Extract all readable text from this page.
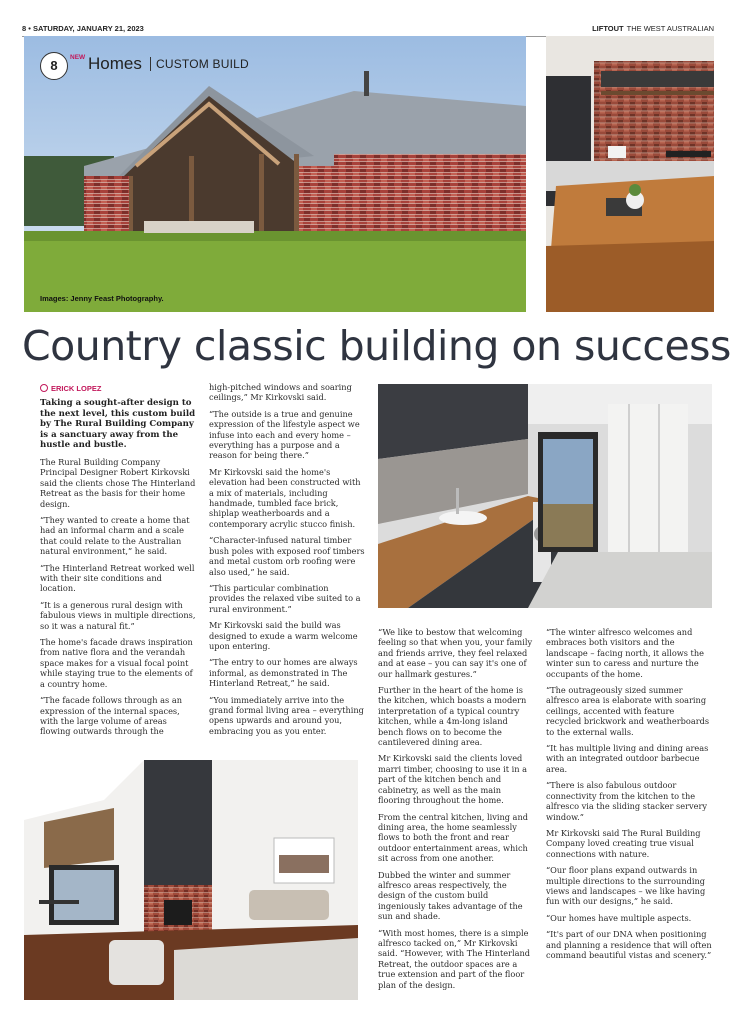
8 • SATURDAY, JANUARY 21, 2023	LIFTOUT THE WEST AUSTRALIAN
8
NEW Homes CUSTOM BUILD
Images: Jenny Feast Photography.
Country classic building on success
ERICK LOPEZ

Taking a sought-after design to the next level, this custom build by The Rural Building Company is a sanctuary away from the hustle and bustle.

The Rural Building Company Principal Designer Robert Kirkovski said the clients chose The Hinterland Retreat as the basis for their home design.

“They wanted to create a home that had an informal charm and a scale that could relate to the Australian natural environment,” he said.

“The Hinterland Retreat worked well with their site conditions and location.

“It is a generous rural design with fabulous views in multiple directions, so it was a natural fit.”

The home's facade draws inspiration from native flora and the verandah space makes for a visual focal point while staying true to the elements of a country home.

“The facade follows through as an expression of the internal spaces, with the large volume of areas flowing outwards through the

high-pitched windows and soaring ceilings,” Mr Kirkovski said.

“The outside is a true and genuine expression of the lifestyle aspect we infuse into each and every home – everything has a purpose and a reason for being there.”

Mr Kirkovski said the home's elevation had been constructed with a mix of materials, including handmade, tumbled face brick, shiplap weatherboards and a contemporary acrylic stucco finish.

“Character-infused natural timber bush poles with exposed roof timbers and metal custom orb roofing were also used,” he said.

“This particular combination provides the relaxed vibe suited to a rural environment.”

Mr Kirkovski said the build was designed to exude a warm welcome upon entering.

“The entry to our homes are always informal, as demonstrated in The Hinterland Retreat,” he said.

“You immediately arrive into the grand formal living area – everything opens upwards and around you, embracing you as you enter.

“We like to bestow that welcoming feeling so that when you, your family and friends arrive, they feel relaxed and at ease – you can say it's one of our hallmark gestures.”

Further in the heart of the home is the kitchen, which boasts a modern interpretation of a typical country kitchen, while a 4m-long island bench flows on to become the cantilevered dining area.

Mr Kirkovski said the clients loved marri timber, choosing to use it in a part of the kitchen bench and cabinetry, as well as the main flooring throughout the home.

From the central kitchen, living and dining area, the home seamlessly flows to both the front and rear outdoor entertainment areas, which sit across from one another.

Dubbed the winter and summer alfresco areas respectively, the design of the custom build ingeniously takes advantage of the sun and shade.

“With most homes, there is a simple alfresco tacked on,” Mr Kirkovski said. “However, with The Hinterland Retreat, the outdoor spaces are a true extension and part of the floor plan of the design.

“The winter alfresco welcomes and embraces both visitors and the landscape – facing north, it allows the winter sun to caress and nurture the occupants of the home.

“The outrageously sized summer alfresco area is elaborate with soaring ceilings, accented with feature recycled brickwork and weatherboards to the external walls.

“It has multiple living and dining areas with an integrated outdoor barbecue area.

“There is also fabulous outdoor connectivity from the kitchen to the alfresco via the sliding stacker servery window.”

Mr Kirkovski said The Rural Building Company loved creating true visual connections with nature.

“Our floor plans expand outwards in multiple directions to the surrounding views and landscapes – we like having fun with our designs,” he said.

“Our homes have multiple aspects.

“It's part of our DNA when positioning and planning a residence that will often command beautiful vistas and scenery.”
